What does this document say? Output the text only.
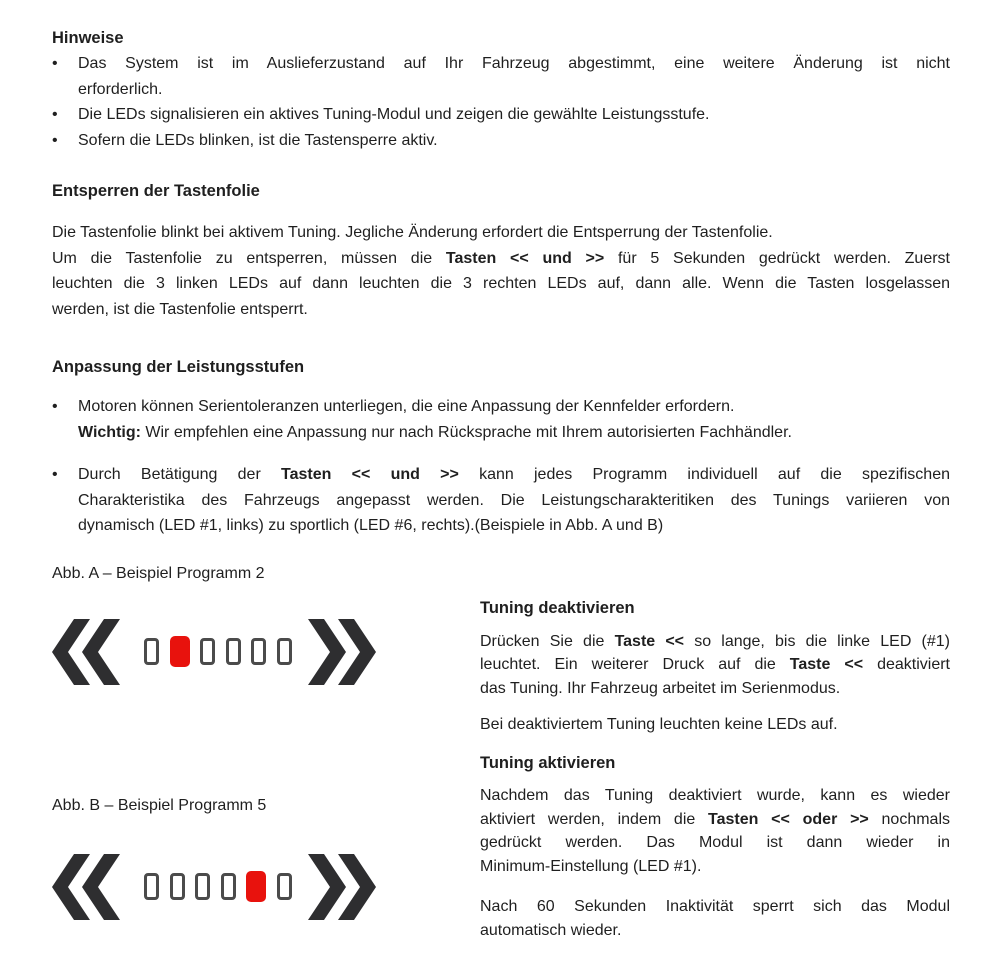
Hinweise
•	Das System ist im Auslieferzustand auf Ihr Fahrzeug abgestimmt, eine weitere Änderung ist nicht
erforderlich.
•	Die LEDs signalisieren ein aktives Tuning-Modul und zeigen die gewählte Leistungsstufe.
•	Sofern die LEDs blinken, ist die Tastensperre aktiv.
Entsperren der Tastenfolie
Die Tastenfolie blinkt bei aktivem Tuning. Jegliche Änderung erfordert die Entsperrung der Tastenfolie.
Um die Tastenfolie zu entsperren, müssen die Tasten << und >> für 5 Sekunden gedrückt werden. Zuerst
leuchten die 3 linken LEDs auf dann leuchten die 3 rechten LEDs auf, dann alle. Wenn die Tasten losgelassen
werden, ist die Tastenfolie entsperrt.
Anpassung der Leistungsstufen
•	Motoren können Serientoleranzen unterliegen, die eine Anpassung der Kennfelder erfordern.
Wichtig: Wir empfehlen eine Anpassung nur nach Rücksprache mit Ihrem autorisierten Fachhändler.
•	Durch Betätigung der Tasten << und >> kann jedes Programm individuell auf die spezifischen
Charakteristika des Fahrzeugs angepasst werden. Die Leistungscharakteritiken des Tunings variieren von
dynamisch (LED #1, links) zu sportlich (LED #6, rechts).(Beispiele in Abb. A und B)
Abb. A – Beispiel Programm 2
Abb. B – Beispiel Programm 5
Tuning deaktivieren
Drücken Sie die Taste << so lange, bis die linke LED (#1)
leuchtet. Ein weiterer Druck auf die Taste << deaktiviert
das Tuning. Ihr Fahrzeug arbeitet im Serienmodus.
Bei deaktiviertem Tuning leuchten keine LEDs auf.
Tuning aktivieren
Nachdem das Tuning deaktiviert wurde, kann es wieder
aktiviert werden, indem die Tasten << oder >> nochmals
gedrückt werden. Das Modul ist dann wieder in
Minimum-Einstellung (LED #1).
Nach 60 Sekunden Inaktivität sperrt sich das Modul
automatisch wieder.
